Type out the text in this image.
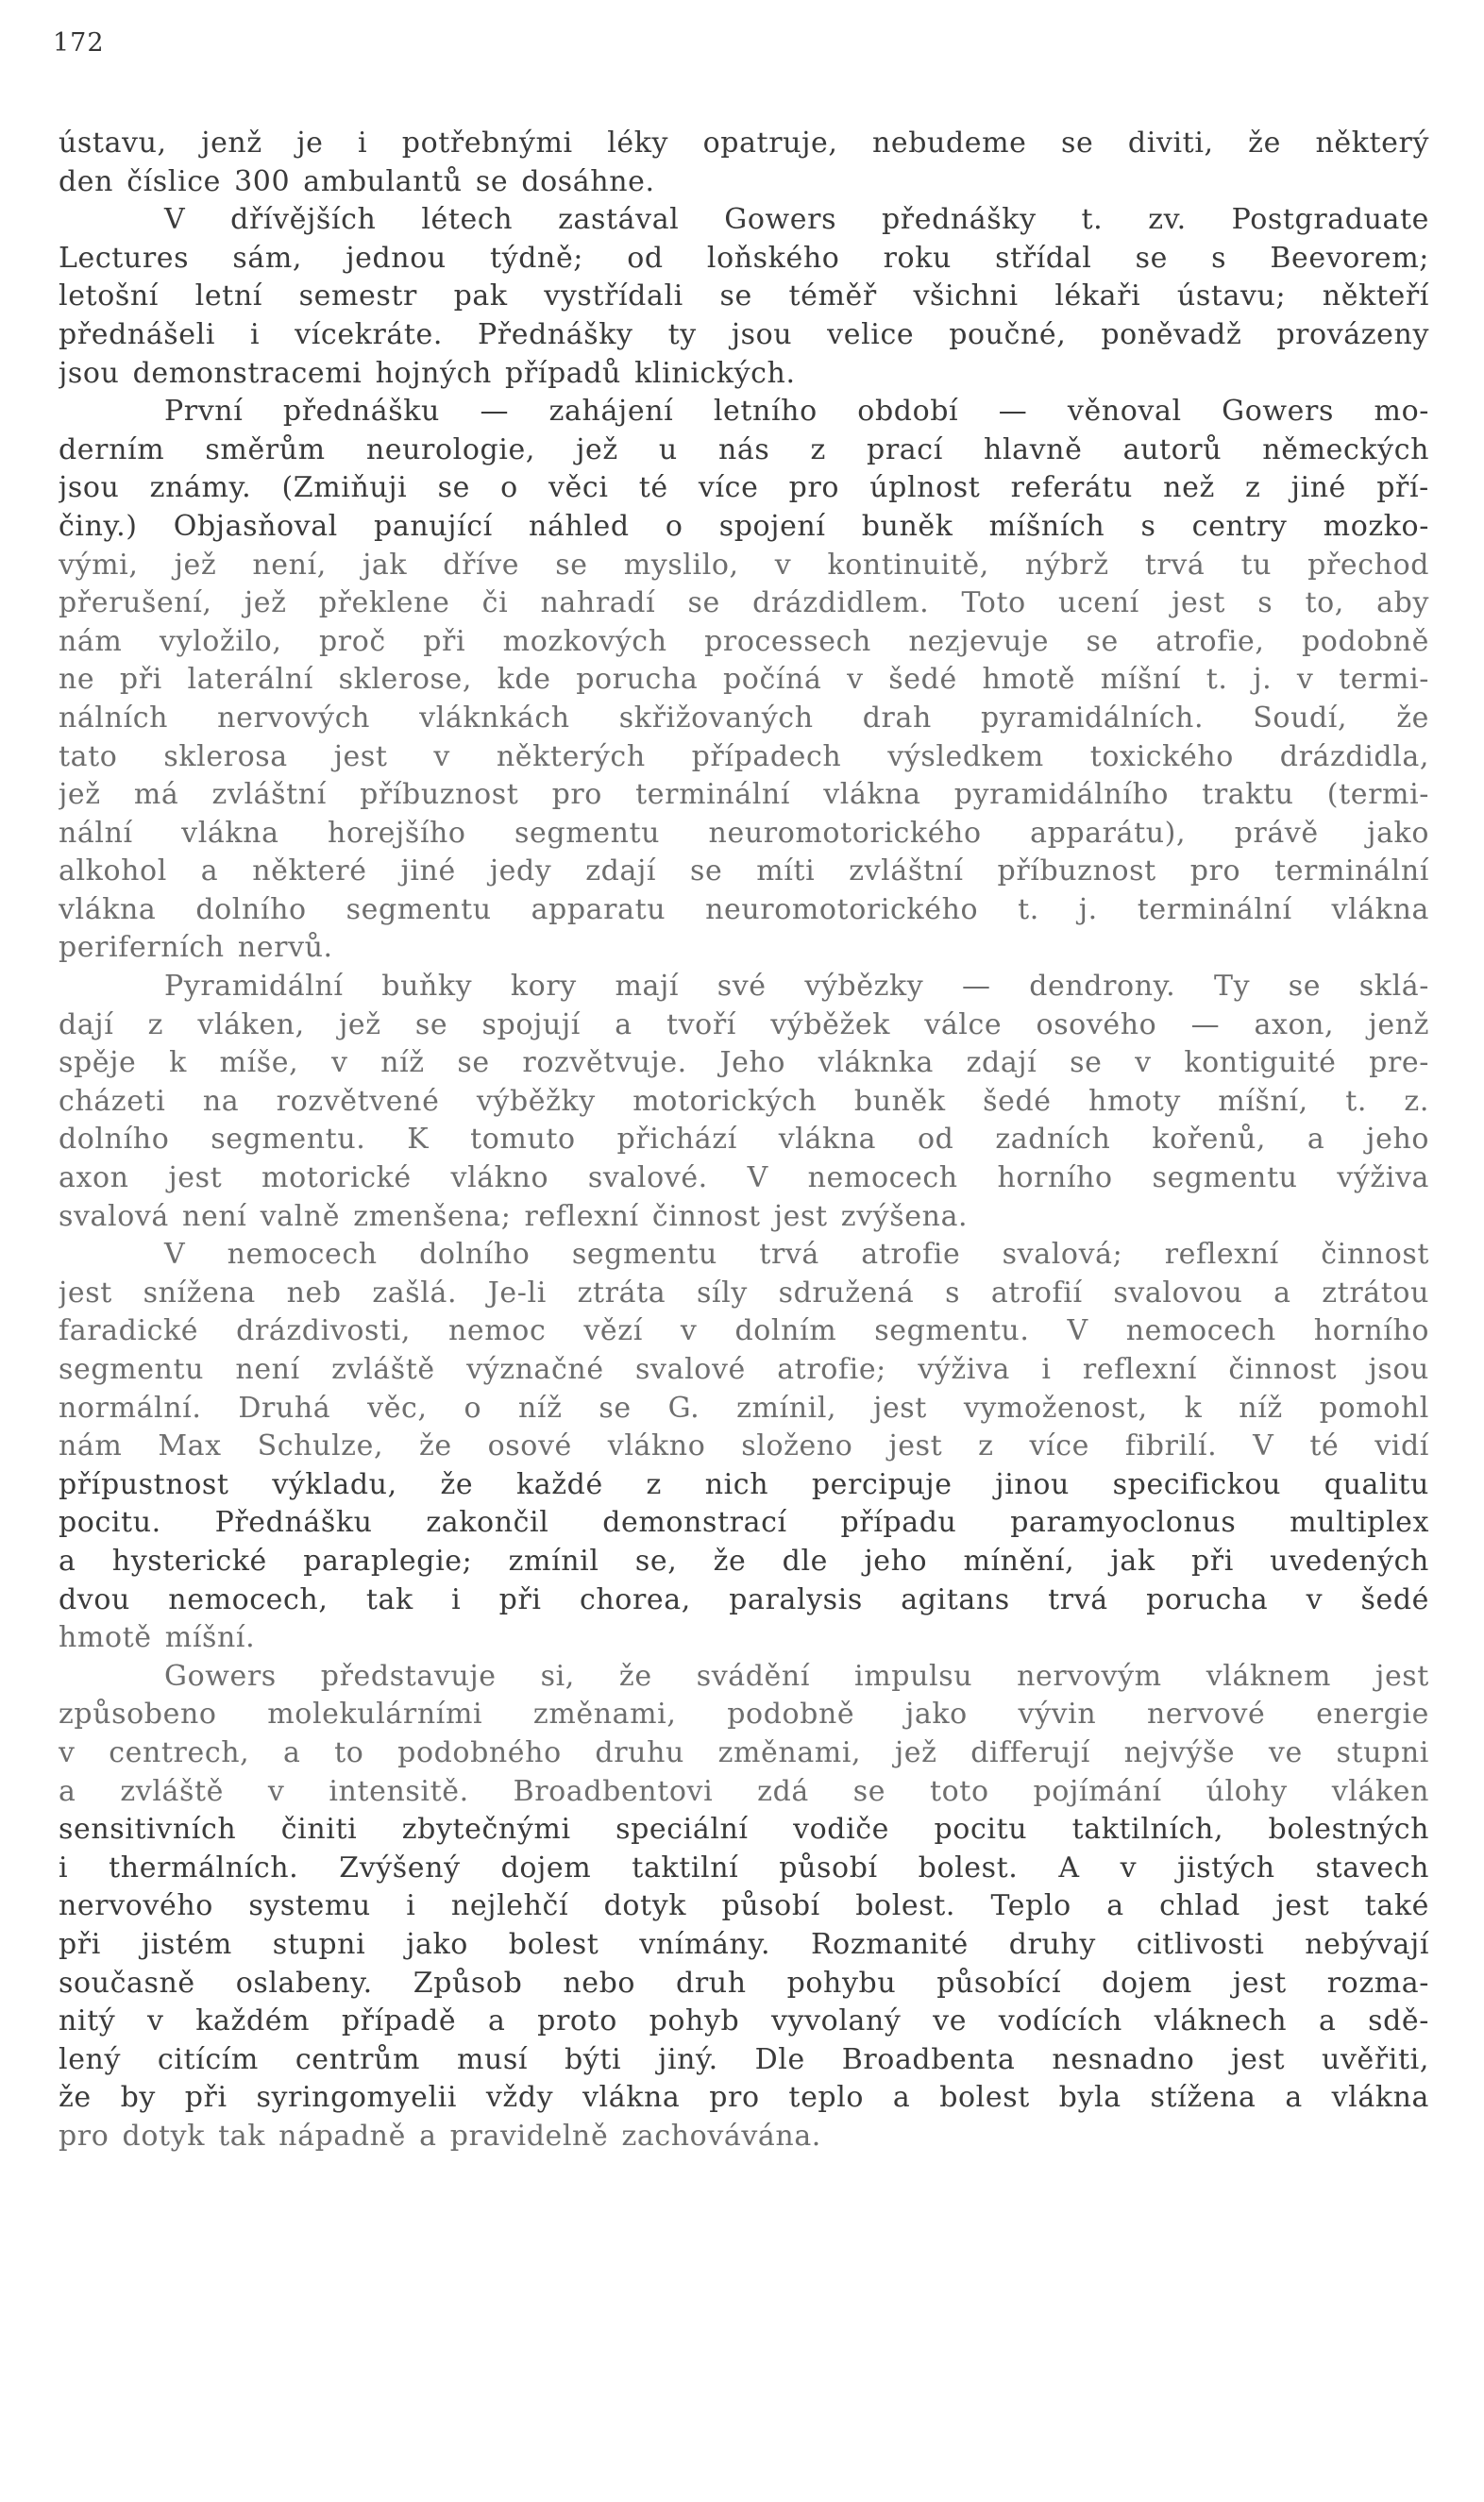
172
ústavu, jenž je i potřebnými léky opatruje, nebudeme se diviti, že některý
den číslice 300 ambulantů se dosáhne.
V dřívějších létech zastával Gowers přednášky t. zv. Postgraduate
Lectures sám, jednou týdně; od loňského roku střídal se s Beevorem;
letošní letní semestr pak vystřídali se téměř všichni lékaři ústavu; někteří
přednášeli i vícekráte. Přednášky ty jsou velice poučné, poněvadž provázeny
jsou demonstracemi hojných případů klinických.
První přednášku — zahájení letního období — věnoval Gowers mo-
derním směrům neurologie, jež u nás z prací hlavně autorů německých
jsou známy. (Zmiňuji se o věci té více pro úplnost referátu než z jiné pří-
činy.) Objasňoval panující náhled o spojení buněk míšních s centry mozko-
vými, jež není, jak dříve se myslilo, v kontinuitě, nýbrž trvá tu přechod
přerušení, jež překlene či nahradí se drázdidlem. Toto ucení jest s to, aby
nám vyložilo, proč při mozkových processech nezjevuje se atrofie, podobně
ne při laterální sklerose, kde porucha počíná v šedé hmotě míšní t. j. v termi-
nálních nervových vláknkách skřižovaných drah pyramidálních. Soudí, že
tato sklerosa jest v některých případech výsledkem toxického drázdidla,
jež má zvláštní příbuznost pro terminální vlákna pyramidálního traktu (termi-
nální vlákna horejšího segmentu neuromotorického apparátu), právě jako
alkohol a některé jiné jedy zdají se míti zvláštní příbuznost pro terminální
vlákna dolního segmentu apparatu neuromotorického t. j. terminální vlákna
periferních nervů.
Pyramidální buňky kory mají své výbězky — dendrony. Ty se sklá-
dají z vláken, jež se spojují a tvoří výběžek válce osového — axon, jenž
spěje k míše, v níž se rozvětvuje. Jeho vláknka zdají se v kontiguité pre-
cházeti na rozvětvené výběžky motorických buněk šedé hmoty míšní, t. z.
dolního segmentu. K tomuto přichází vlákna od zadních kořenů, a jeho
axon jest motorické vlákno svalové. V nemocech horního segmentu výživa
svalová není valně zmenšena; reflexní činnost jest zvýšena.
V nemocech dolního segmentu trvá atrofie svalová; reflexní činnost
jest snížena neb zašlá. Je-li ztráta síly sdružená s atrofií svalovou a ztrátou
faradické drázdivosti, nemoc vězí v dolním segmentu. V nemocech horního
segmentu není zvláště význačné svalové atrofie; výživa i reflexní činnost jsou
normální. Druhá věc, o níž se G. zmínil, jest vymoženost, k níž pomohl
nám Max Schulze, že osové vlákno složeno jest z více fibrilí. V té vidí
přípustnost výkladu, že každé z nich percipuje jinou specifickou qualitu
pocitu. Přednášku zakončil demonstrací případu paramyoclonus multiplex
a hysterické paraplegie; zmínil se, že dle jeho mínění, jak při uvedených
dvou nemocech, tak i při chorea, paralysis agitans trvá porucha v šedé
hmotě míšní.
Gowers představuje si, že svádění impulsu nervovým vláknem jest
způsobeno molekulárními změnami, podobně jako vývin nervové energie
v centrech, a to podobného druhu změnami, jež differují nejvýše ve stupni
a zvláště v intensitě. Broadbentovi zdá se toto pojímání úlohy vláken
sensitivních činiti zbytečnými speciální vodiče pocitu taktilních, bolestných
i thermálních. Zvýšený dojem taktilní působí bolest. A v jistých stavech
nervového systemu i nejlehčí dotyk působí bolest. Teplo a chlad jest také
při jistém stupni jako bolest vnímány. Rozmanité druhy citlivosti nebývají
současně oslabeny. Způsob nebo druh pohybu působící dojem jest rozma-
nitý v každém případě a proto pohyb vyvolaný ve vodících vláknech a sdě-
lený citícím centrům musí býti jiný. Dle Broadbenta nesnadno jest uvěřiti,
že by při syringomyelii vždy vlákna pro teplo a bolest byla stížena a vlákna
pro dotyk tak nápadně a pravidelně zachovávána.
